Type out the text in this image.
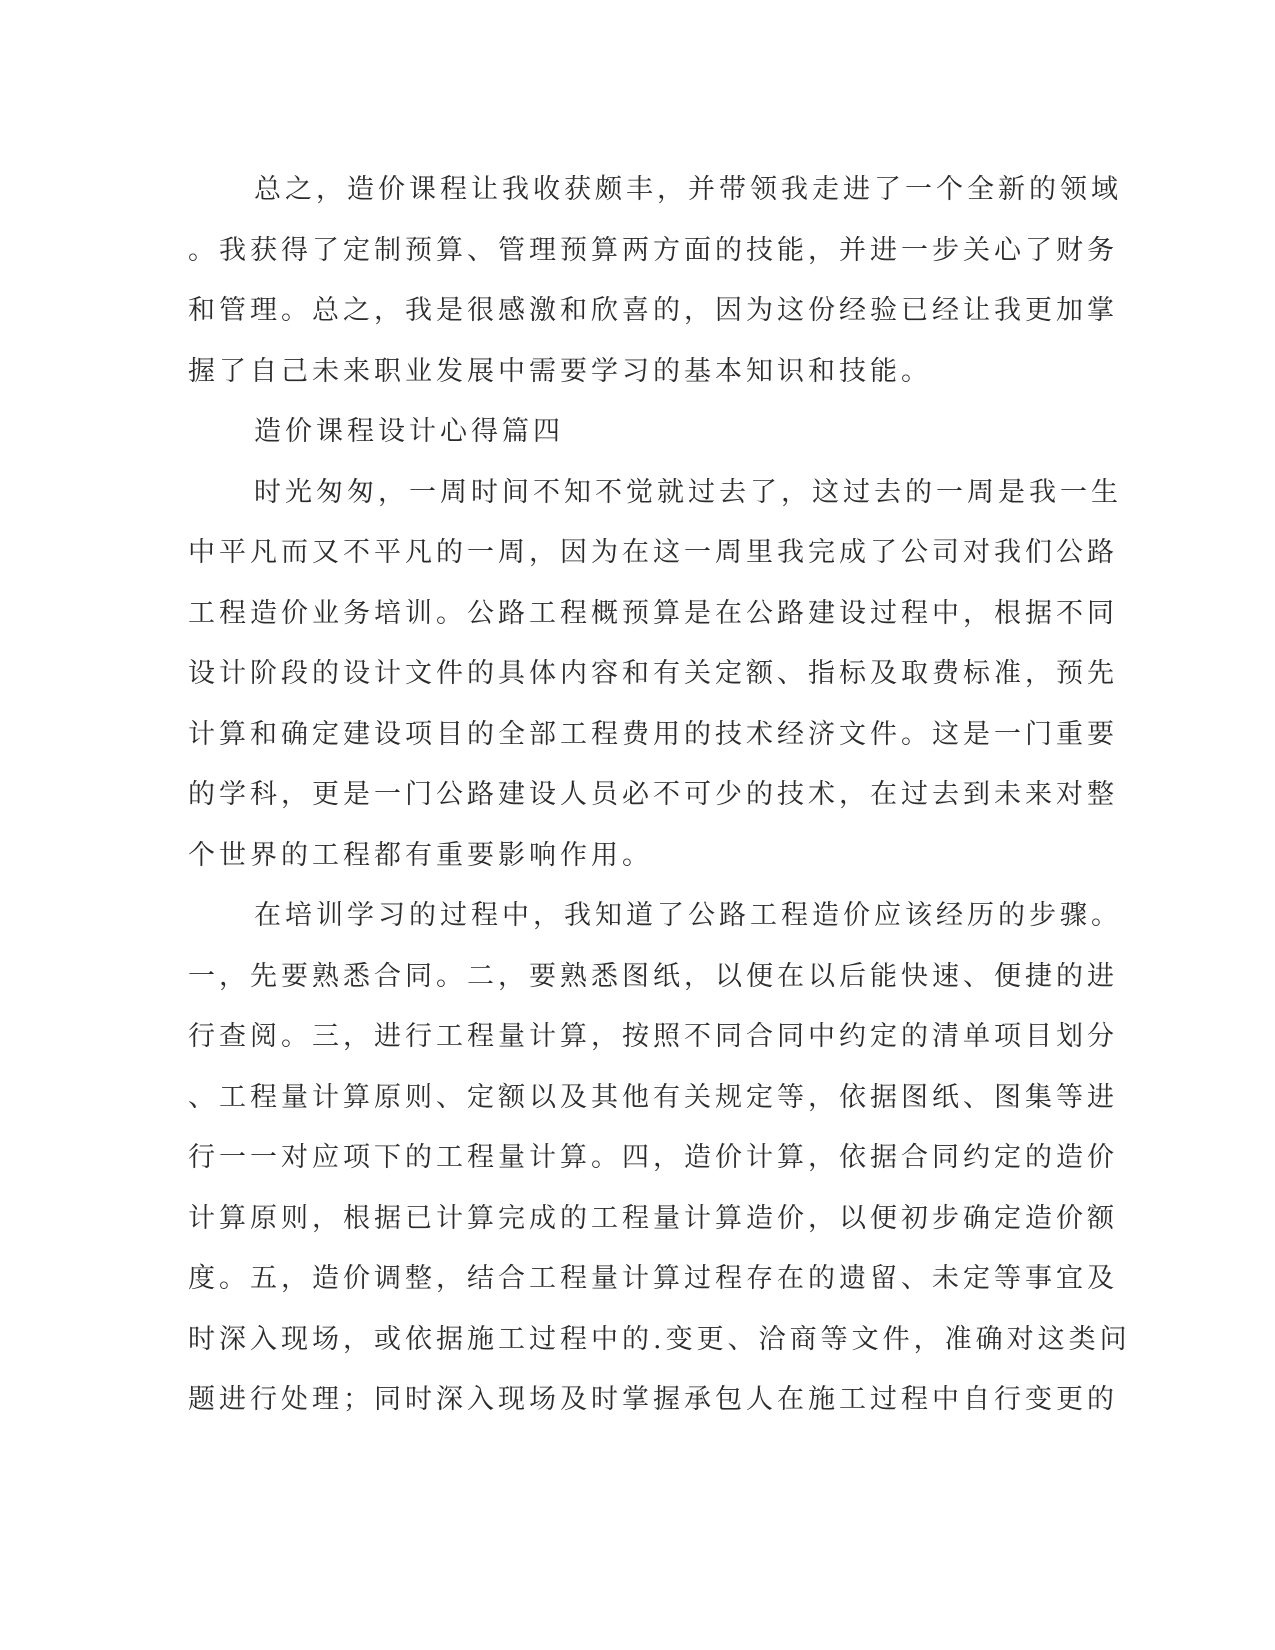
总之，造价课程让我收获颇丰，并带领我走进了一个全新的领域
。我获得了定制预算、管理预算两方面的技能，并进一步关心了财务
和管理。总之，我是很感激和欣喜的，因为这份经验已经让我更加掌
握了自己未来职业发展中需要学习的基本知识和技能。
造价课程设计心得篇四
时光匆匆，一周时间不知不觉就过去了，这过去的一周是我一生
中平凡而又不平凡的一周，因为在这一周里我完成了公司对我们公路
工程造价业务培训。公路工程概预算是在公路建设过程中，根据不同
设计阶段的设计文件的具体内容和有关定额、指标及取费标准，预先
计算和确定建设项目的全部工程费用的技术经济文件。这是一门重要
的学科，更是一门公路建设人员必不可少的技术，在过去到未来对整
个世界的工程都有重要影响作用。
在培训学习的过程中，我知道了公路工程造价应该经历的步骤。
一，先要熟悉合同。二，要熟悉图纸，以便在以后能快速、便捷的进
行查阅。三，进行工程量计算，按照不同合同中约定的清单项目划分
、工程量计算原则、定额以及其他有关规定等，依据图纸、图集等进
行一一对应项下的工程量计算。四，造价计算，依据合同约定的造价
计算原则，根据已计算完成的工程量计算造价，以便初步确定造价额
度。五，造价调整，结合工程量计算过程存在的遗留、未定等事宜及
时深入现场，或依据施工过程中的.变更、洽商等文件，准确对这类问
题进行处理；同时深入现场及时掌握承包人在施工过程中自行变更的
